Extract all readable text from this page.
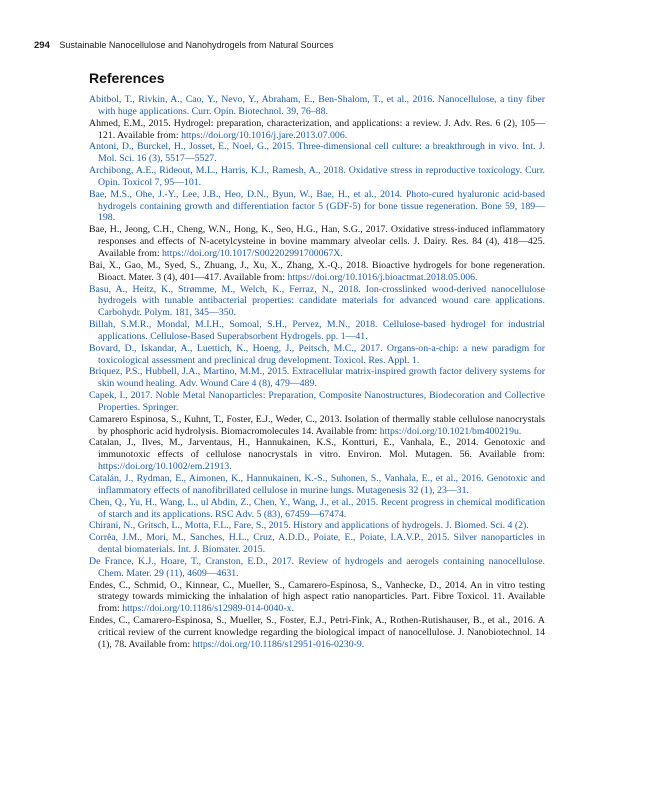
294 Sustainable Nanocellulose and Nanohydrogels from Natural Sources
References

Abitbol, T., Rivkin, A., Cao, Y., Nevo, Y., Abraham, E., Ben-Shalom, T., et al., 2016. Nanocellulose, a tiny fiber with huge applications. Curr. Opin. Biotechnol. 39, 76–88.

Ahmed, E.M., 2015. Hydrogel: preparation, characterization, and applications: a review. J. Adv. Res. 6 (2), 105—121. Available from: https://doi.org/10.1016/j.jare.2013.07.006.

Antoni, D., Burckel, H., Josset, E., Noel, G., 2015. Three-dimensional cell culture: a breakthrough in vivo. Int. J. Mol. Sci. 16 (3), 5517—5527.

Archibong, A.E., Rideout, M.L., Harris, K.J., Ramesh, A., 2018. Oxidative stress in reproductive toxicology. Curr. Opin. Toxicol 7, 95—101.

Bae, M.S., Ohe, J.-Y., Lee, J.B., Heo, D.N., Byun, W., Bae, H., et al., 2014. Photo-cured hyaluronic acid-based hydrogels containing growth and differentiation factor 5 (GDF-5) for bone tissue regeneration. Bone 59, 189—198.

Bae, H., Jeong, C.H., Cheng, W.N., Hong, K., Seo, H.G., Han, S.G., 2017. Oxidative stress-induced inflammatory responses and effects of N-acetylcysteine in bovine mammary alveolar cells. J. Dairy. Res. 84 (4), 418—425. Available from: https://doi.org/10.1017/S002202991700067X.

Bai, X., Gao, M., Syed, S., Zhuang, J., Xu, X., Zhang, X.-Q., 2018. Bioactive hydrogels for bone regeneration. Bioact. Mater. 3 (4), 401—417. Available from: https://doi.org/10.1016/j.bioactmat.2018.05.006.

Basu, A., Heitz, K., Strømme, M., Welch, K., Ferraz, N., 2018. Ion-crosslinked wood-derived nanocellulose hydrogels with tunable antibacterial properties: candidate materials for advanced wound care applications. Carbohydr. Polym. 181, 345—350.

Billah, S.M.R., Mondal, M.I.H., Somoal, S.H., Pervez, M.N., 2018. Cellulose-based hydrogel for industrial applications. Cellulose-Based Superabsorbent Hydrogels. pp. 1—41.

Bovard, D., Iskandar, A., Luettich, K., Hoeng, J., Peitsch, M.C., 2017. Organs-on-a-chip: a new paradigm for toxicological assessment and preclinical drug development. Toxicol. Res. Appl. 1.

Briquez, P.S., Hubbell, J.A., Martino, M.M., 2015. Extracellular matrix-inspired growth factor delivery systems for skin wound healing. Adv. Wound Care 4 (8), 479—489.

Capek, I., 2017. Noble Metal Nanoparticles: Preparation, Composite Nanostructures, Biodecoration and Collective Properties. Springer.

Camarero Espinosa, S., Kuhnt, T., Foster, E.J., Weder, C., 2013. Isolation of thermally stable cellulose nanocrystals by phosphoric acid hydrolysis. Biomacromolecules 14. Available from: https://doi.org/10.1021/bm400219u.

Catalan, J., Ilves, M., Jarventaus, H., Hannukainen, K.S., Kontturi, E., Vanhala, E., 2014. Genotoxic and immunotoxic effects of cellulose nanocrystals in vitro. Environ. Mol. Mutagen. 56. Available from: https://doi.org/10.1002/em.21913.

Catalán, J., Rydman, E., Aimonen, K., Hannukainen, K.-S., Suhonen, S., Vanhala, E., et al., 2016. Genotoxic and inflammatory effects of nanofibrillated cellulose in murine lungs. Mutagenesis 32 (1), 23—31.

Chen, Q., Yu, H., Wang, L., ul Abdin, Z., Chen, Y., Wang, J., et al., 2015. Recent progress in chemical modification of starch and its applications. RSC Adv. 5 (83), 67459—67474.

Chirani, N., Gritsch, L., Motta, F.L., Fare, S., 2015. History and applications of hydrogels. J. Biomed. Sci. 4 (2).

Corrêa, J.M., Mori, M., Sanches, H.L., Cruz, A.D.D., Poiate, E., Poiate, I.A.V.P., 2015. Silver nanoparticles in dental biomaterials. Int. J. Biomater. 2015.

De France, K.J., Hoare, T., Cranston, E.D., 2017. Review of hydrogels and aerogels containing nanocellulose. Chem. Mater. 29 (11), 4609—4631.

Endes, C., Schmid, O., Kinnear, C., Mueller, S., Camarero-Espinosa, S., Vanhecke, D., 2014. An in vitro testing strategy towards mimicking the inhalation of high aspect ratio nanoparticles. Part. Fibre Toxicol. 11. Available from: https://doi.org/10.1186/s12989-014-0040-x.

Endes, C., Camarero-Espinosa, S., Mueller, S., Foster, E.J., Petri-Fink, A., Rothen-Rutishauser, B., et al., 2016. A critical review of the current knowledge regarding the biological impact of nanocellulose. J. Nanobiotechnol. 14 (1), 78. Available from: https://doi.org/10.1186/s12951-016-0230-9.
